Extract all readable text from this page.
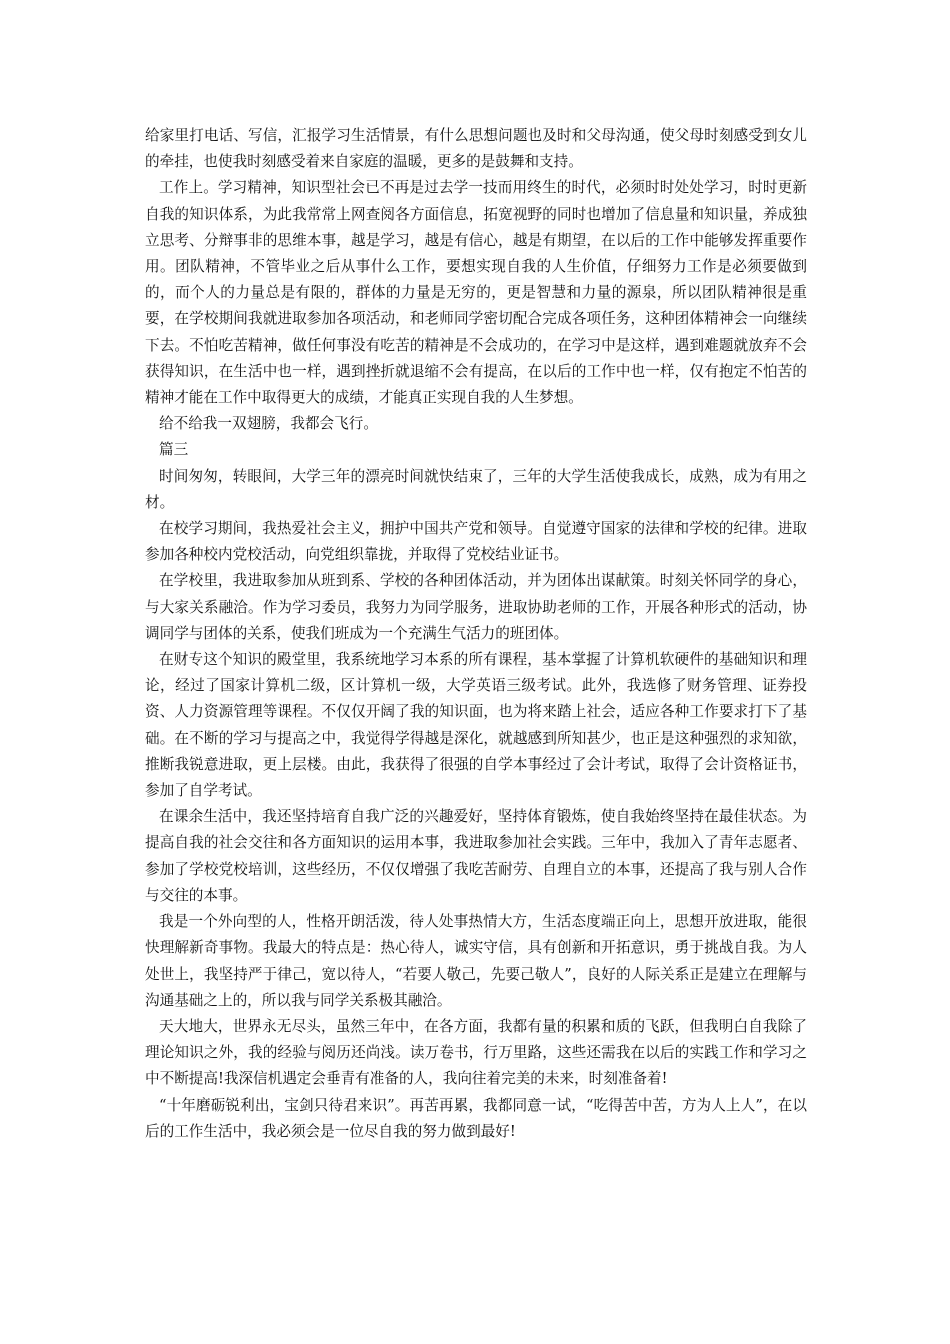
给家里打电话、写信，汇报学习生活情景，有什么思想问题也及时和父母沟通，使父母时刻感受到女儿的牵挂，也使我时刻感受着来自家庭的温暖，更多的是鼓舞和支持。

工作上。学习精神，知识型社会已不再是过去学一技而用终生的时代，必须时时处处学习，时时更新自我的知识体系，为此我常常上网查阅各方面信息，拓宽视野的同时也增加了信息量和知识量，养成独立思考、分辩事非的思维本事，越是学习，越是有信心，越是有期望，在以后的工作中能够发挥重要作用。团队精神，不管毕业之后从事什么工作，要想实现自我的人生价值，仔细努力工作是必须要做到的，而个人的力量总是有限的，群体的力量是无穷的，更是智慧和力量的源泉，所以团队精神很是重要，在学校期间我就进取参加各项活动，和老师同学密切配合完成各项任务，这种团体精神会一向继续下去。不怕吃苦精神，做任何事没有吃苦的精神是不会成功的，在学习中是这样，遇到难题就放弃不会获得知识，在生活中也一样，遇到挫折就退缩不会有提高，在以后的工作中也一样，仅有抱定不怕苦的精神才能在工作中取得更大的成绩，才能真正实现自我的人生梦想。

给不给我一双翅膀，我都会飞行。

篇三

时间匆匆，转眼间，大学三年的漂亮时间就快结束了，三年的大学生活使我成长，成熟，成为有用之材。

在校学习期间，我热爱社会主义，拥护中国共产党和领导。自觉遵守国家的法律和学校的纪律。进取参加各种校内党校活动，向党组织靠拢，并取得了党校结业证书。

在学校里，我进取参加从班到系、学校的各种团体活动，并为团体出谋献策。时刻关怀同学的身心，与大家关系融洽。作为学习委员，我努力为同学服务，进取协助老师的工作，开展各种形式的活动，协调同学与团体的关系，使我们班成为一个充满生气活力的班团体。

在财专这个知识的殿堂里，我系统地学习本系的所有课程，基本掌握了计算机软硬件的基础知识和理论，经过了国家计算机二级，区计算机一级，大学英语三级考试。此外，我选修了财务管理、证券投资、人力资源管理等课程。不仅仅开阔了我的知识面，也为将来踏上社会，适应各种工作要求打下了基础。在不断的学习与提高之中，我觉得学得越是深化，就越感到所知甚少，也正是这种强烈的求知欲，推断我锐意进取，更上层楼。由此，我获得了很强的自学本事经过了会计考试，取得了会计资格证书，参加了自学考试。

在课余生活中，我还坚持培育自我广泛的兴趣爱好，坚持体育锻炼，使自我始终坚持在最佳状态。为提高自我的社会交往和各方面知识的运用本事，我进取参加社会实践。三年中，我加入了青年志愿者、参加了学校党校培训，这些经历，不仅仅增强了我吃苦耐劳、自理自立的本事，还提高了我与别人合作与交往的本事。

我是一个外向型的人，性格开朗活泼，待人处事热情大方，生活态度端正向上，思想开放进取，能很快理解新奇事物。我最大的特点是：热心待人，诚实守信，具有创新和开拓意识，勇于挑战自我。为人处世上，我坚持严于律己，宽以待人，“若要人敬己，先要己敬人”，良好的人际关系正是建立在理解与沟通基础之上的，所以我与同学关系极其融洽。

天大地大，世界永无尽头，虽然三年中，在各方面，我都有量的积累和质的飞跃，但我明白自我除了理论知识之外，我的经验与阅历还尚浅。读万卷书，行万里路，这些还需我在以后的实践工作和学习之中不断提高!我深信机遇定会垂青有准备的人，我向往着完美的未来，时刻准备着!

“十年磨砺锐利出，宝剑只待君来识”。再苦再累，我都同意一试，“吃得苦中苦，方为人上人”，在以后的工作生活中，我必须会是一位尽自我的努力做到最好!
